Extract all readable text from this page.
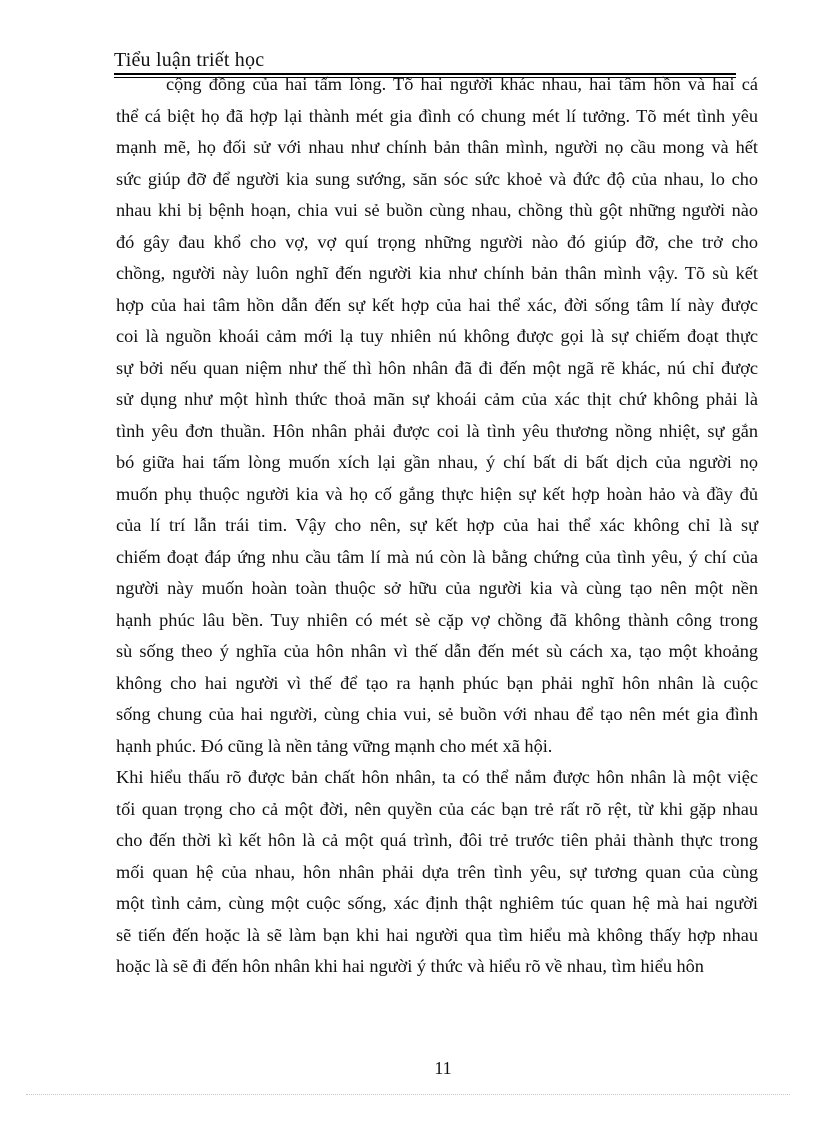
Tiểu luận triết học
cộng đồng của hai tấm lòng. Tõ hai người khác nhau, hai tâm hồn và hai cá
thể cá biệt họ đã hợp lại thành mét gia đình có chung mét lí tưởng. Tõ mét tình yêu
mạnh mẽ, họ đối sử với nhau như chính bản thân mình, người nọ cầu mong và hết
sức giúp đỡ để người kia sung sướng, săn sóc sức khoẻ và đức độ của nhau, lo cho
nhau khi bị bệnh hoạn, chia vui sẻ buồn cùng nhau, chồng thù gột những người nào
đó gây đau khổ cho vợ, vợ quí trọng những người nào đó giúp đỡ, che trở cho
chồng, người này luôn nghĩ đến người kia như chính bản thân mình vậy. Tõ sù kết
hợp của hai tâm hồn dẫn đến sự kết hợp của hai thể xác, đời sống tâm lí này được
coi là nguồn khoái cảm mới lạ tuy nhiên nú không được gọi là sự chiếm đoạt thực
sự bởi nếu quan niệm như thế thì hôn nhân đã đi đến một ngã rẽ khác, nú chỉ được
sử dụng như một hình thức thoả mãn sự khoái cảm của xác thịt chứ không phải là
tình yêu đơn thuần. Hôn nhân phải được coi là tình yêu thương nồng nhiệt, sự gắn
bó giữa hai tấm lòng muốn xích lại gần nhau, ý chí bất di bất dịch của người nọ
muốn phụ thuộc người kia và họ cố gắng thực hiện sự kết hợp hoàn hảo và đầy đủ
của lí trí lẫn trái tim. Vậy cho nên, sự kết hợp của hai thể xác không chỉ là sự
chiếm đoạt đáp ứng nhu cầu tâm lí mà nú còn là bằng chứng của tình yêu, ý chí của
người này muốn hoàn toàn thuộc sở hữu của người kia và cùng tạo nên một nền
hạnh phúc lâu bền. Tuy nhiên có mét sè cặp vợ chồng đã không thành công trong
sù sống theo ý nghĩa của hôn nhân vì thế dẫn đến mét sù cách xa, tạo một khoảng
không cho hai người vì thế để tạo ra hạnh phúc bạn phải nghĩ hôn nhân là cuộc
sống chung của hai người, cùng chia vui, sẻ buồn với nhau để tạo nên mét gia đình
hạnh phúc. Đó cũng là nền tảng vững mạnh cho mét xã hội.
Khi hiểu thấu rõ được bản chất hôn nhân, ta có thể nắm được hôn nhân là một việc
tối quan trọng cho cả một đời, nên quyền của các bạn trẻ rất rõ rệt, từ khi gặp nhau
cho đến thời kì kết hôn là cả một quá trình, đôi trẻ trước tiên phải thành thực trong
mối quan hệ của nhau, hôn nhân phải dựa trên tình yêu, sự tương quan của cùng
một tình cảm, cùng một cuộc sống, xác định thật nghiêm túc quan hệ mà hai người
sẽ tiến đến hoặc là sẽ làm bạn khi hai người qua tìm hiểu mà không thấy hợp nhau
hoặc là sẽ đi đến hôn nhân khi hai người ý thức và hiểu rõ về nhau, tìm hiểu hôn
11
